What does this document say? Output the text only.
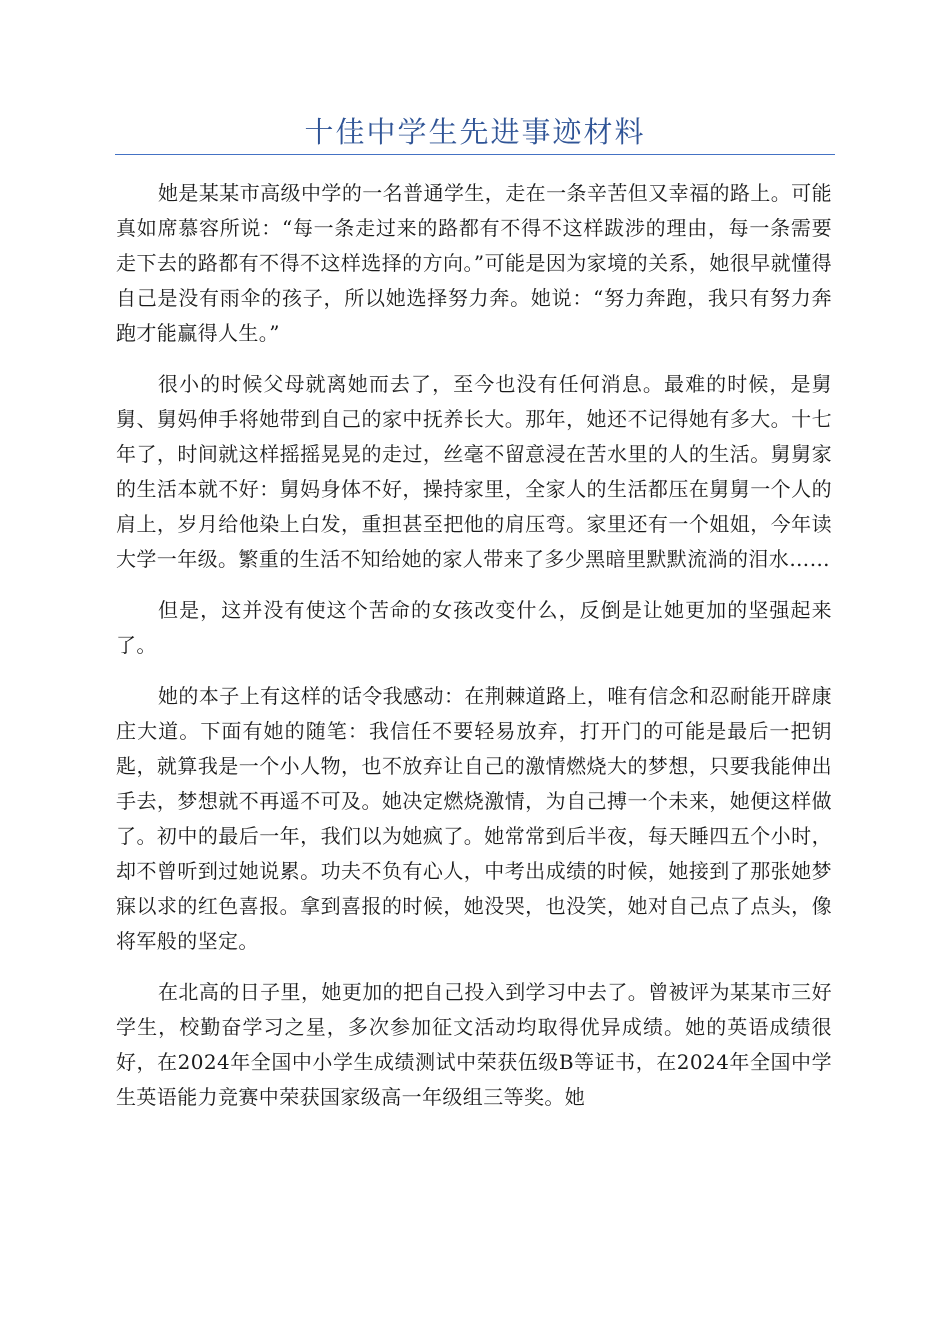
十佳中学生先进事迹材料

她是某某市高级中学的一名普通学生，走在一条辛苦但又幸福的路上。可能真如席慕容所说：“每一条走过来的路都有不得不这样跋涉的理由，每一条需要走下去的路都有不得不这样选择的方向。”可能是因为家境的关系，她很早就懂得自己是没有雨伞的孩子，所以她选择努力奔。她说：“努力奔跑，我只有努力奔跑才能赢得人生。”

很小的时候父母就离她而去了，至今也没有任何消息。最难的时候，是舅舅、舅妈伸手将她带到自己的家中抚养长大。那年，她还不记得她有多大。十七年了，时间就这样摇摇晃晃的走过，丝毫不留意浸在苦水里的人的生活。舅舅家的生活本就不好：舅妈身体不好，操持家里，全家人的生活都压在舅舅一个人的肩上，岁月给他染上白发，重担甚至把他的肩压弯。家里还有一个姐姐，今年读大学一年级。繁重的生活不知给她的家人带来了多少黑暗里默默流淌的泪水……

但是，这并没有使这个苦命的女孩改变什么，反倒是让她更加的坚强起来了。

她的本子上有这样的话令我感动：在荆棘道路上，唯有信念和忍耐能开辟康庄大道。下面有她的随笔：我信任不要轻易放弃，打开门的可能是最后一把钥匙，就算我是一个小人物，也不放弃让自己的激情燃烧大的梦想，只要我能伸出手去，梦想就不再遥不可及。她决定燃烧激情，为自己搏一个未来，她便这样做了。初中的最后一年，我们以为她疯了。她常常到后半夜，每天睡四五个小时，却不曾听到过她说累。功夫不负有心人，中考出成绩的时候，她接到了那张她梦寐以求的红色喜报。拿到喜报的时候，她没哭，也没笑，她对自己点了点头，像将军般的坚定。

在北高的日子里，她更加的把自己投入到学习中去了。曾被评为某某市三好学生，校勤奋学习之星，多次参加征文活动均取得优异成绩。她的英语成绩很好，在2024年全国中小学生成绩测试中荣获伍级B等证书，在2024年全国中学生英语能力竞赛中荣获国家级高一年级组三等奖。她
